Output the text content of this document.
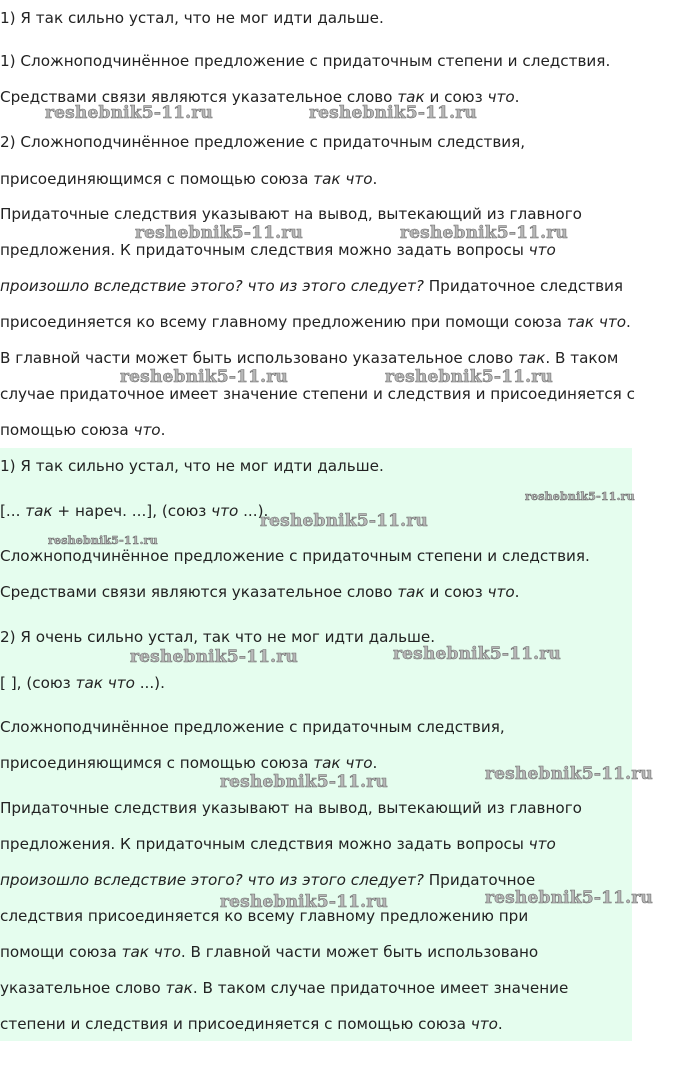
1) Я так сильно устал, что не мог идти дальше.
1) Сложноподчинённое предложение с придаточным степени и следствия.
Средствами связи являются указательное слово так и союз что.
2) Сложноподчинённое предложение с придаточным следствия,
присоединяющимся с помощью союза так что.
Придаточные следствия указывают на вывод, вытекающий из главного
предложения. К придаточным следствия можно задать вопросы что
произошло вследствие этого? что из этого следует? Придаточное следствия
присоединяется ко всему главному предложению при помощи союза так что.
В главной части может быть использовано указательное слово так. В таком
случае придаточное имеет значение степени и следствия и присоединяется с
помощью союза что.
1) Я так сильно устал, что не мог идти дальше.
[... так + нареч. ...], (союз что ...).
Сложноподчинённое предложение с придаточным степени и следствия.
Средствами связи являются указательное слово так и союз что.
2) Я очень сильно устал, так что не мог идти дальше.
[ ], (союз так что ...).
Сложноподчинённое предложение с придаточным следствия,
присоединяющимся с помощью союза так что.
Придаточные следствия указывают на вывод, вытекающий из главного
предложения. К придаточным следствия можно задать вопросы что
произошло вследствие этого? что из этого следует? Придаточное
следствия присоединяется ко всему главному предложению при
помощи союза так что. В главной части может быть использовано
указательное слово так. В таком случае придаточное имеет значение
степени и следствия и присоединяется с помощью союза что.
reshebnik5-11.ru	reshebnik5-11.ru
reshebnik5-11.ru	reshebnik5-11.ru
reshebnik5-11.ru	reshebnik5-11.ru
reshebnik5-11.ru
reshebnik5-11.ru
reshebnik5-11.ru
reshebnik5-11.ru	reshebnik5-11.ru
reshebnik5-11.ru
reshebnik5-11.ru
reshebnik5-11.ru
reshebnik5-11.ru
